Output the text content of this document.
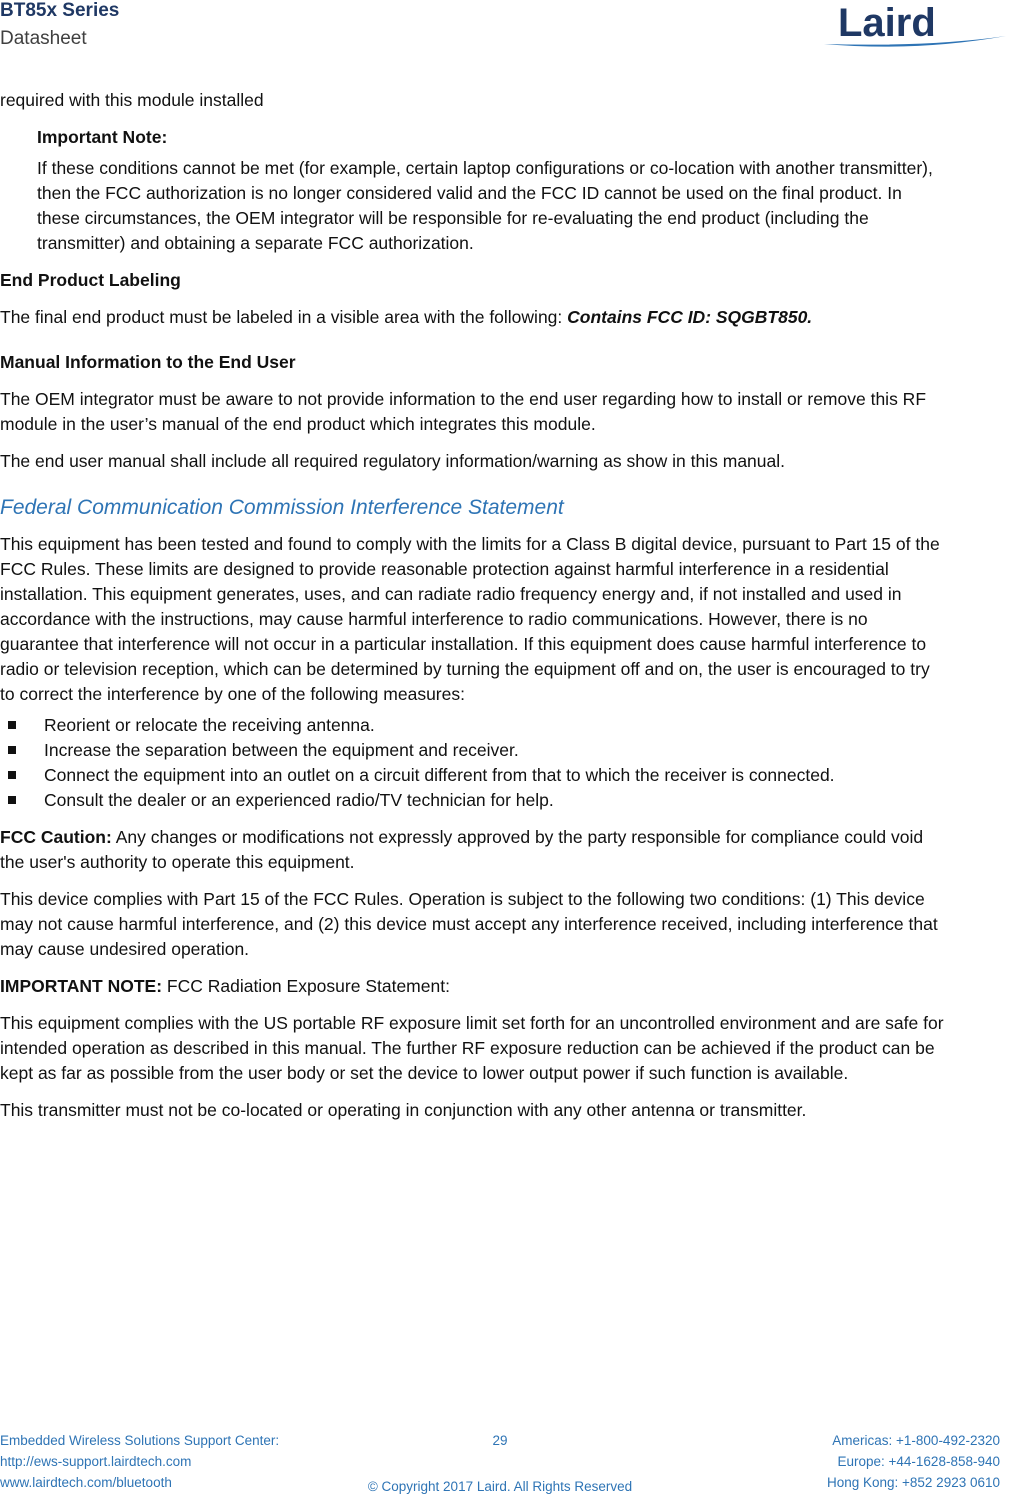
BT85x Series
Datasheet	Laird

required with this module installed

Important Note:
If these conditions cannot be met (for example, certain laptop configurations or co-location with another transmitter), then the FCC authorization is no longer considered valid and the FCC ID cannot be used on the final product. In these circumstances, the OEM integrator will be responsible for re-evaluating the end product (including the transmitter) and obtaining a separate FCC authorization.
End Product Labeling

The final end product must be labeled in a visible area with the following: Contains FCC ID: SQGBT850.

Manual Information to the End User

The OEM integrator must be aware to not provide information to the end user regarding how to install or remove this RF module in the user’s manual of the end product which integrates this module.

The end user manual shall include all required regulatory information/warning as show in this manual.

Federal Communication Commission Interference Statement

This equipment has been tested and found to comply with the limits for a Class B digital device, pursuant to Part 15 of the FCC Rules. These limits are designed to provide reasonable protection against harmful interference in a residential installation. This equipment generates, uses, and can radiate radio frequency energy and, if not installed and used in accordance with the instructions, may cause harmful interference to radio communications. However, there is no guarantee that interference will not occur in a particular installation. If this equipment does cause harmful interference to radio or television reception, which can be determined by turning the equipment off and on, the user is encouraged to try to correct the interference by one of the following measures:

Reorient or relocate the receiving antenna.
Increase the separation between the equipment and receiver.
Connect the equipment into an outlet on a circuit different from that to which the receiver is connected.
Consult the dealer or an experienced radio/TV technician for help.

FCC Caution: Any changes or modifications not expressly approved by the party responsible for compliance could void the user's authority to operate this equipment.

This device complies with Part 15 of the FCC Rules. Operation is subject to the following two conditions: (1) This device may not cause harmful interference, and (2) this device must accept any interference received, including interference that may cause undesired operation.

IMPORTANT NOTE: FCC Radiation Exposure Statement:

This equipment complies with the US portable RF exposure limit set forth for an uncontrolled environment and are safe for intended operation as described in this manual. The further RF exposure reduction can be achieved if the product can be kept as far as possible from the user body or set the device to lower output power if such function is available.

This transmitter must not be co-located or operating in conjunction with any other antenna or transmitter.

Embedded Wireless Solutions Support Center:
http://ews-support.lairdtech.com
www.lairdtech.com/bluetooth
29
© Copyright 2017 Laird. All Rights Reserved
Americas: +1-800-492-2320
Europe: +44-1628-858-940
Hong Kong: +852 2923 0610
